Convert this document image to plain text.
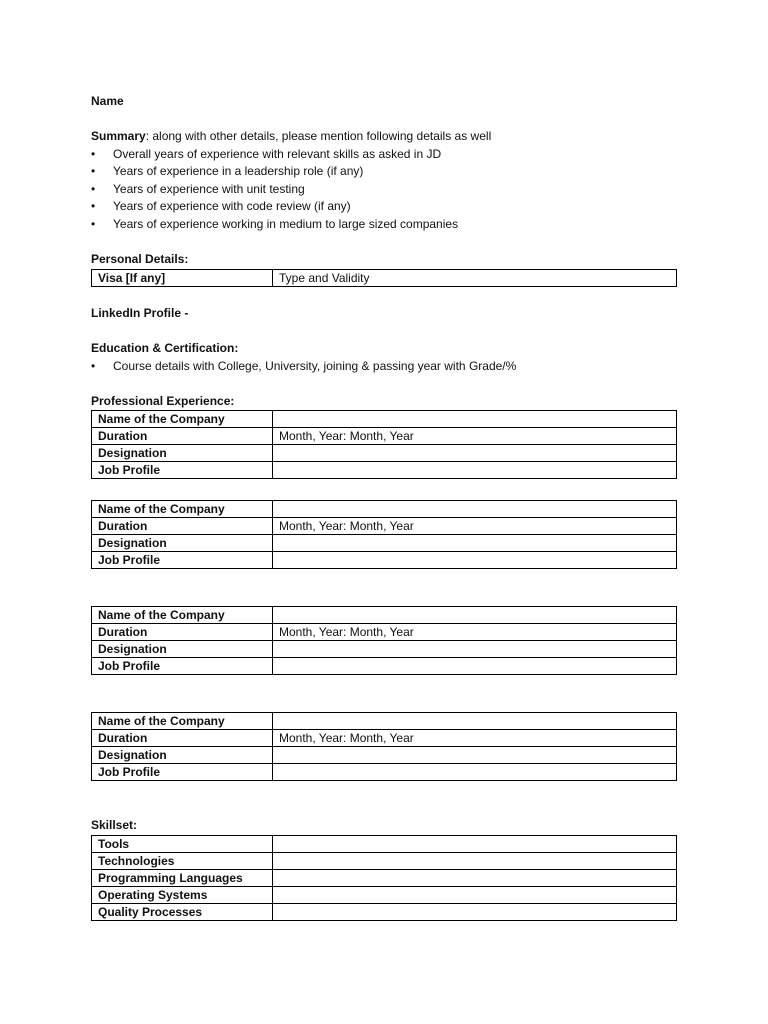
Name
Summary: along with other details, please mention following details as well
• Overall years of experience with relevant skills as asked in JD
• Years of experience in a leadership role (if any)
• Years of experience with unit testing
• Years of experience with code review (if any)
• Years of experience working in medium to large sized companies
Personal Details:
Visa [If any]	Type and Validity
LinkedIn Profile -
Education & Certification:
• Course details with College, University, joining & passing year with Grade/%
Professional Experience:
Name of the Company	
Duration	Month, Year: Month, Year
Designation	
Job Profile	
Name of the Company	
Duration	Month, Year: Month, Year
Designation	
Job Profile	
Name of the Company	
Duration	Month, Year: Month, Year
Designation	
Job Profile	
Name of the Company	
Duration	Month, Year: Month, Year
Designation	
Job Profile	
Skillset:
Tools	
Technologies	
Programming Languages	
Operating Systems	
Quality Processes	
